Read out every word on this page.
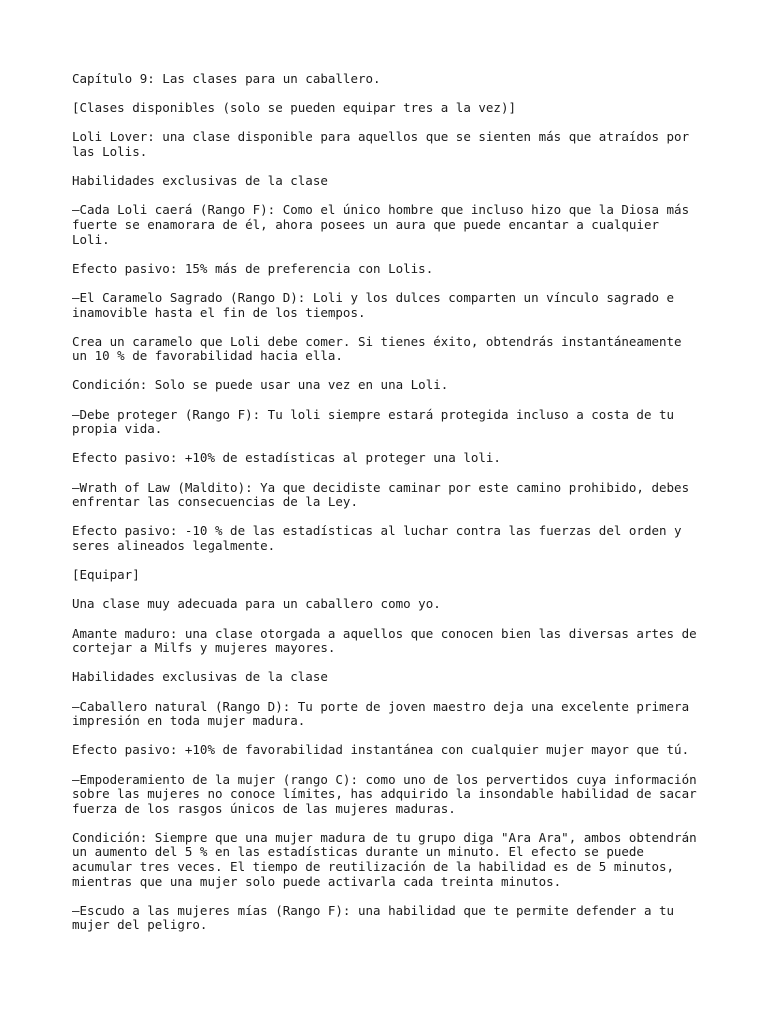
Capítulo 9: Las clases para un caballero.

[Clases disponibles (solo se pueden equipar tres a la vez)]

Loli Lover: una clase disponible para aquellos que se sienten más que atraídos por las Lolis.

Habilidades exclusivas de la clase

—Cada Loli caerá (Rango F): Como el único hombre que incluso hizo que la Diosa más fuerte se enamorara de él, ahora posees un aura que puede encantar a cualquier Loli.

Efecto pasivo: 15% más de preferencia con Lolis.

—El Caramelo Sagrado (Rango D): Loli y los dulces comparten un vínculo sagrado e inamovible hasta el fin de los tiempos.

Crea un caramelo que Loli debe comer. Si tienes éxito, obtendrás instantáneamente un 10 % de favorabilidad hacia ella.

Condición: Solo se puede usar una vez en una Loli.

—Debe proteger (Rango F): Tu loli siempre estará protegida incluso a costa de tu propia vida.

Efecto pasivo: +10% de estadísticas al proteger una loli.

—Wrath of Law (Maldito): Ya que decidiste caminar por este camino prohibido, debes enfrentar las consecuencias de la Ley.

Efecto pasivo: -10 % de las estadísticas al luchar contra las fuerzas del orden y seres alineados legalmente.

[Equipar]

Una clase muy adecuada para un caballero como yo.

Amante maduro: una clase otorgada a aquellos que conocen bien las diversas artes de cortejar a Milfs y mujeres mayores.

Habilidades exclusivas de la clase

—Caballero natural (Rango D): Tu porte de joven maestro deja una excelente primera impresión en toda mujer madura.

Efecto pasivo: +10% de favorabilidad instantánea con cualquier mujer mayor que tú.

—Empoderamiento de la mujer (rango C): como uno de los pervertidos cuya información sobre las mujeres no conoce límites, has adquirido la insondable habilidad de sacar fuerza de los rasgos únicos de las mujeres maduras.

Condición: Siempre que una mujer madura de tu grupo diga "Ara Ara", ambos obtendrán un aumento del 5 % en las estadísticas durante un minuto. El efecto se puede acumular tres veces. El tiempo de reutilización de la habilidad es de 5 minutos, mientras que una mujer solo puede activarla cada treinta minutos.

—Escudo a las mujeres mías (Rango F): una habilidad que te permite defender a tu mujer del peligro.
